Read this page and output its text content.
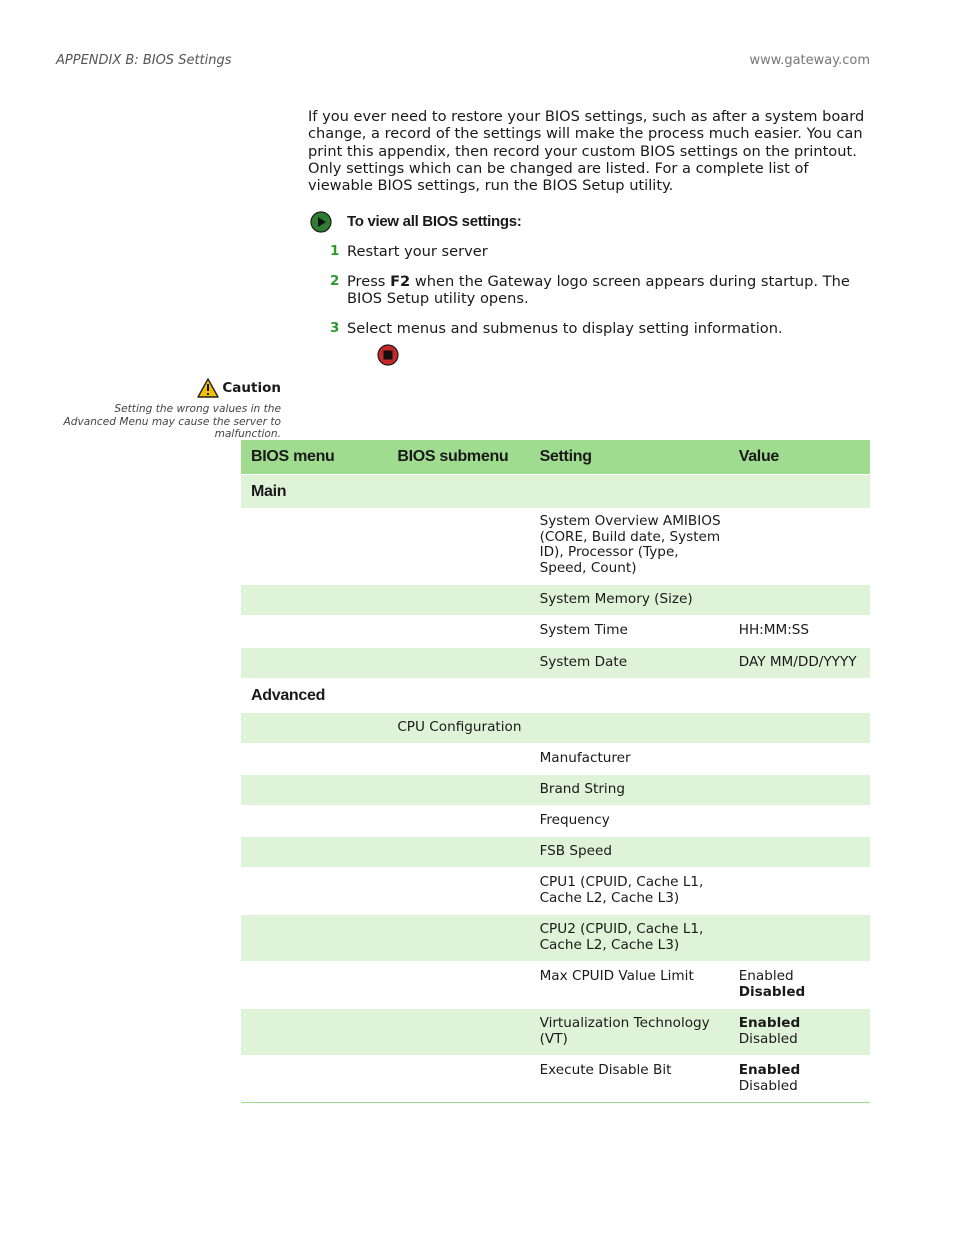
APPENDIX B: BIOS Settings	www.gateway.com
If you ever need to restore your BIOS settings, such as after a system board change, a record of the settings will make the process much easier. You can print this appendix, then record your custom BIOS settings on the printout. Only settings which can be changed are listed. For a complete list of viewable BIOS settings, run the BIOS Setup utility.
To view all BIOS settings:
1 Restart your server
2 Press F2 when the Gateway logo screen appears during startup. The BIOS Setup utility opens.
3 Select menus and submenus to display setting information.
Caution
Setting the wrong values in the Advanced Menu may cause the server to malfunction.
BIOS menu	BIOS submenu	Setting	Value
Main			
		System Overview AMIBIOS (CORE, Build date, System ID), Processor (Type, Speed, Count)	
		System Memory (Size)	
		System Time	HH:MM:SS
		System Date	DAY MM/DD/YYYY
Advanced			
	CPU Configuration		
		Manufacturer	
		Brand String	
		Frequency	
		FSB Speed	
		CPU1 (CPUID, Cache L1, Cache L2, Cache L3)	
		CPU2 (CPUID, Cache L1, Cache L2, Cache L3)	
		Max CPUID Value Limit	Enabled
Disabled

		Virtualization Technology (VT)	Enabled
Disabled

		Execute Disable Bit	Enabled
Disabled
